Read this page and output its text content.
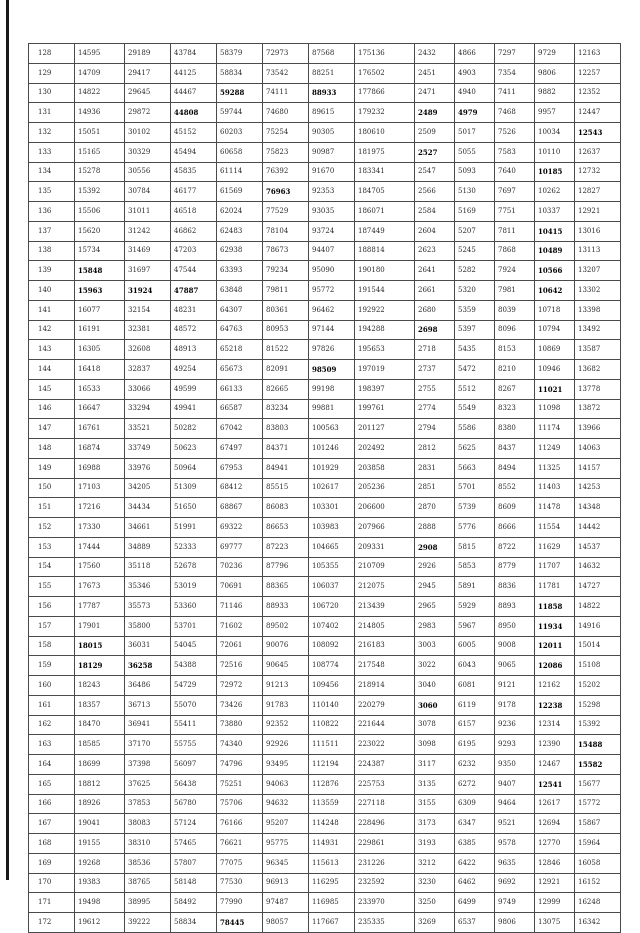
128	14595	29189	43784	58379	72973	87568	175136	2432	4866	7297	9729	12163
129	14709	29417	44125	58834	73542	88251	176502	2451	4903	7354	9806	12257
130	14822	29645	44467	59288	74111	88933	177866	2471	4940	7411	9882	12352
131	14936	29872	44808	59744	74680	89615	179232	2489	4979	7468	9957	12447
132	15051	30102	45152	60203	75254	90305	180610	2509	5017	7526	10034	12543
133	15165	30329	45494	60658	75823	90987	181975	2527	5055	7583	10110	12637
134	15278	30556	45835	61114	76392	91670	183341	2547	5093	7640	10185	12732
135	15392	30784	46177	61569	76963	92353	184705	2566	5130	7697	10262	12827
136	15506	31011	46518	62024	77529	93035	186071	2584	5169	7751	10337	12921
137	15620	31242	46862	62483	78104	93724	187449	2604	5207	7811	10415	13016
138	15734	31469	47203	62938	78673	94407	188814	2623	5245	7868	10489	13113
139	15848	31697	47544	63393	79234	95090	190180	2641	5282	7924	10566	13207
140	15963	31924	47887	63848	79811	95772	191544	2661	5320	7981	10642	13302
141	16077	32154	48231	64307	80361	96462	192922	2680	5359	8039	10718	13398
142	16191	32381	48572	64763	80953	97144	194288	2698	5397	8096	10794	13492
143	16305	32608	48913	65218	81522	97826	195653	2718	5435	8153	10869	13587
144	16418	32837	49254	65673	82091	98509	197019	2737	5472	8210	10946	13682
145	16533	33066	49599	66133	82665	99198	198397	2755	5512	8267	11021	13778
146	16647	33294	49941	66587	83234	99881	199761	2774	5549	8323	11098	13872
147	16761	33521	50282	67042	83803	100563	201127	2794	5586	8380	11174	13966
148	16874	33749	50623	67497	84371	101246	202492	2812	5625	8437	11249	14063
149	16988	33976	50964	67953	84941	101929	203858	2831	5663	8494	11325	14157
150	17103	34205	51309	68412	85515	102617	205236	2851	5701	8552	11403	14253
151	17216	34434	51650	68867	86083	103301	206600	2870	5739	8609	11478	14348
152	17330	34661	51991	69322	86653	103983	207966	2888	5776	8666	11554	14442
153	17444	34889	52333	69777	87223	104665	209331	2908	5815	8722	11629	14537
154	17560	35118	52678	70236	87796	105355	210709	2926	5853	8779	11707	14632
155	17673	35346	53019	70691	88365	106037	212075	2945	5891	8836	11781	14727
156	17787	35573	53360	71146	88933	106720	213439	2965	5929	8893	11858	14822
157	17901	35800	53701	71602	89502	107402	214805	2983	5967	8950	11934	14916
158	18015	36031	54045	72061	90076	108092	216183	3003	6005	9008	12011	15014
159	18129	36258	54388	72516	90645	108774	217548	3022	6043	9065	12086	15108
160	18243	36486	54729	72972	91213	109456	218914	3040	6081	9121	12162	15202
161	18357	36713	55070	73426	91783	110140	220279	3060	6119	9178	12238	15298
162	18470	36941	55411	73880	92352	110822	221644	3078	6157	9236	12314	15392
163	18585	37170	55755	74340	92926	111511	223022	3098	6195	9293	12390	15488
164	18699	37398	56097	74796	93495	112194	224387	3117	6232	9350	12467	15582
165	18812	37625	56438	75251	94063	112876	225753	3135	6272	9407	12541	15677
166	18926	37853	56780	75706	94632	113559	227118	3155	6309	9464	12617	15772
167	19041	38083	57124	76166	95207	114248	228496	3173	6347	9521	12694	15867
168	19155	38310	57465	76621	95775	114931	229861	3193	6385	9578	12770	15964
169	19268	38536	57807	77075	96345	115613	231226	3212	6422	9635	12846	16058
170	19383	38765	58148	77530	96913	116295	232592	3230	6462	9692	12921	16152
171	19498	38995	58492	77990	97487	116985	233970	3250	6499	9749	12999	16248
172	19612	39222	58834	78445	98057	117667	235335	3269	6537	9806	13075	16342
